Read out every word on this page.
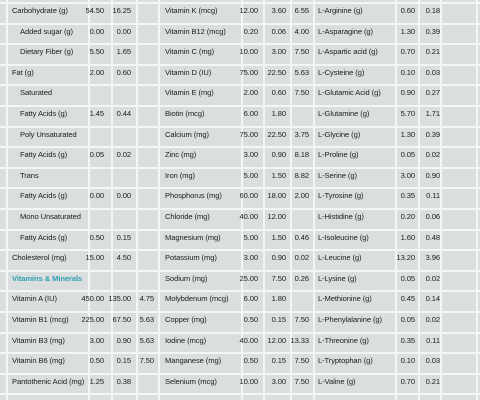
Carbohydrate (g)	54.50	16.25
Added sugar (g)	0.00	0.00
Dietary Fiber (g)	5.50	1.65
Fat (g)	2.00	0.60
Saturated
Fatty Acids (g)	1.45	0.44
Poly Unsaturated
Fatty Acids (g)	0.05	0.02
Trans
Fatty Acids (g)	0.00	0.00
Mono Unsaturated
Fatty Acids (g)	0.50	0.15
Cholesterol (mg)	15.00	4.50
Vitamins & Minerals
Vitamin A (IU)	450.00 135.00	4.75
Vitamin B1 (mcg)	225.00	67.50	5.63
Vitamin B3 (mg)	3.00	0.90	5.63
Vitamin B6 (mg)	0.50	0.15	7.50
Pantothenic Acid (mg) 1.25	0.38
Vitamin K (mcg)	12.00	3.60	6.55
Vitamin B12 (mcg)	0.20	0.06	4.00
Vitamin C (mg)	10.00	3.00	7.50
Vitamin D (IU)	75.00	22.50	5.63
Vitamin E (mg)	2.00	0.60	7.50
Biotin (mcg)	6.00	1.80
Calcium (mg)	75.00	22.50	3.75
Zinc (mg)	3.00	0.90	8.18
Iron (mg)	5.00	1.50	8.82
Phosphorus (mg)	60.00	18.00	2.00
Chloride (mg)	40.00	12.00
Magnesium (mg)	5.00	1.50	0.46
Potassium (mg)	3.00	0.90	0.02
Sodium (mg)	25.00	7.50	0.26
Molybdenum (mcg)	6.00	1.80
Copper (mg)	0.50	0.15	7.50
Iodine (mcg)	40.00	12.00 13.33
Manganese (mg)	0.50	0.15	7.50
Selenium (mcg)	10.00	3.00	7.50
L-Arginine (g)	0.60	0.18
L-Asparagine (g)	1.30	0.39
L-Aspartic acid (g)	0.70	0.21
L-Cysteine (g)	0.10	0.03
L-Glutamic Acid (g)	0.90	0.27
L-Glutamine (g)	5.70	1.71
L-Glycine (g)	1.30	0.39
L-Proline (g)	0.05	0.02
L-Serine (g)	3.00	0.90
L-Tyrosine (g)	0.35	0.11
L-Histidine (g)	0.20	0.06
L-Isoleucine (g)	1.60	0.48
L-Leucine (g)	13.20	3.96
L-Lysine (g)	0.05	0.02
L-Methionine (g)	0.45	0.14
L-Phenylalanine (g)	0.05	0.02
L-Threonine (g)	0.35	0.11
L-Tryptophan (g)	0.10	0.03
L-Valine (g)	0.70	0.21
